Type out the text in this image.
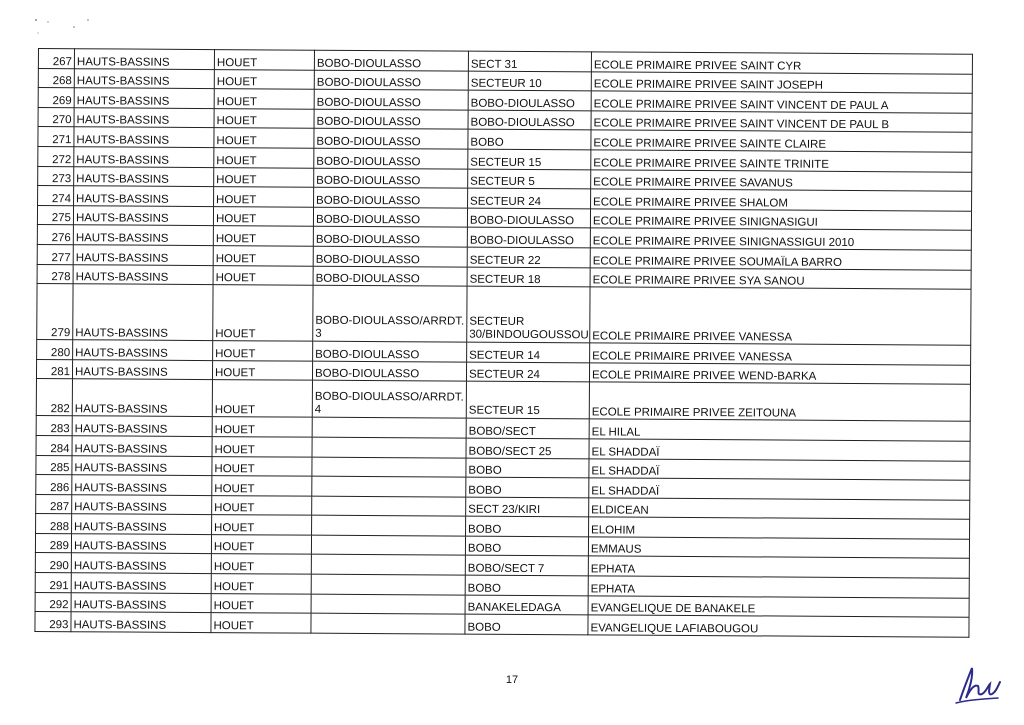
267	HAUTS-BASSINS	HOUET	BOBO-DIOULASSO	SECT 31	ECOLE PRIMAIRE PRIVEE SAINT CYR
268	HAUTS-BASSINS	HOUET	BOBO-DIOULASSO	SECTEUR 10	ECOLE PRIMAIRE PRIVEE SAINT JOSEPH
269	HAUTS-BASSINS	HOUET	BOBO-DIOULASSO	BOBO-DIOULASSO	ECOLE PRIMAIRE PRIVEE SAINT VINCENT DE PAUL A
270	HAUTS-BASSINS	HOUET	BOBO-DIOULASSO	BOBO-DIOULASSO	ECOLE PRIMAIRE PRIVEE SAINT VINCENT DE PAUL B
271	HAUTS-BASSINS	HOUET	BOBO-DIOULASSO	BOBO	ECOLE PRIMAIRE PRIVEE SAINTE CLAIRE
272	HAUTS-BASSINS	HOUET	BOBO-DIOULASSO	SECTEUR 15	ECOLE PRIMAIRE PRIVEE SAINTE TRINITE
273	HAUTS-BASSINS	HOUET	BOBO-DIOULASSO	SECTEUR 5	ECOLE PRIMAIRE PRIVEE SAVANUS
274	HAUTS-BASSINS	HOUET	BOBO-DIOULASSO	SECTEUR 24	ECOLE PRIMAIRE PRIVEE SHALOM
275	HAUTS-BASSINS	HOUET	BOBO-DIOULASSO	BOBO-DIOULASSO	ECOLE PRIMAIRE PRIVEE SINIGNASIGUI
276	HAUTS-BASSINS	HOUET	BOBO-DIOULASSO	BOBO-DIOULASSO	ECOLE PRIMAIRE PRIVEE SINIGNASSIGUI 2010
277	HAUTS-BASSINS	HOUET	BOBO-DIOULASSO	SECTEUR 22	ECOLE PRIMAIRE PRIVEE SOUMAÏLA BARRO
278	HAUTS-BASSINS	HOUET	BOBO-DIOULASSO	SECTEUR 18	ECOLE PRIMAIRE PRIVEE SYA SANOU
279	HAUTS-BASSINS	HOUET	BOBO-DIOULASSO/ARRDT. 3	SECTEUR 30/BINDOUGOUSSOU	ECOLE PRIMAIRE PRIVEE VANESSA
280	HAUTS-BASSINS	HOUET	BOBO-DIOULASSO	SECTEUR 14	ECOLE PRIMAIRE PRIVEE VANESSA
281	HAUTS-BASSINS	HOUET	BOBO-DIOULASSO	SECTEUR 24	ECOLE PRIMAIRE PRIVEE WEND-BARKA
282	HAUTS-BASSINS	HOUET	BOBO-DIOULASSO/ARRDT. 4	SECTEUR 15	ECOLE PRIMAIRE PRIVEE ZEITOUNA
283	HAUTS-BASSINS	HOUET		BOBO/SECT	EL HILAL
284	HAUTS-BASSINS	HOUET		BOBO/SECT 25	EL SHADDAÏ
285	HAUTS-BASSINS	HOUET		BOBO	EL SHADDAÏ
286	HAUTS-BASSINS	HOUET		BOBO	EL SHADDAÏ
287	HAUTS-BASSINS	HOUET		SECT 23/KIRI	ELDICEAN
288	HAUTS-BASSINS	HOUET		BOBO	ELOHIM
289	HAUTS-BASSINS	HOUET		BOBO	EMMAUS
290	HAUTS-BASSINS	HOUET		BOBO/SECT 7	EPHATA
291	HAUTS-BASSINS	HOUET		BOBO	EPHATA
292	HAUTS-BASSINS	HOUET		BANAKELEDAGA	EVANGELIQUE DE BANAKELE
293	HAUTS-BASSINS	HOUET		BOBO	EVANGELIQUE LAFIABOUGOU
17
